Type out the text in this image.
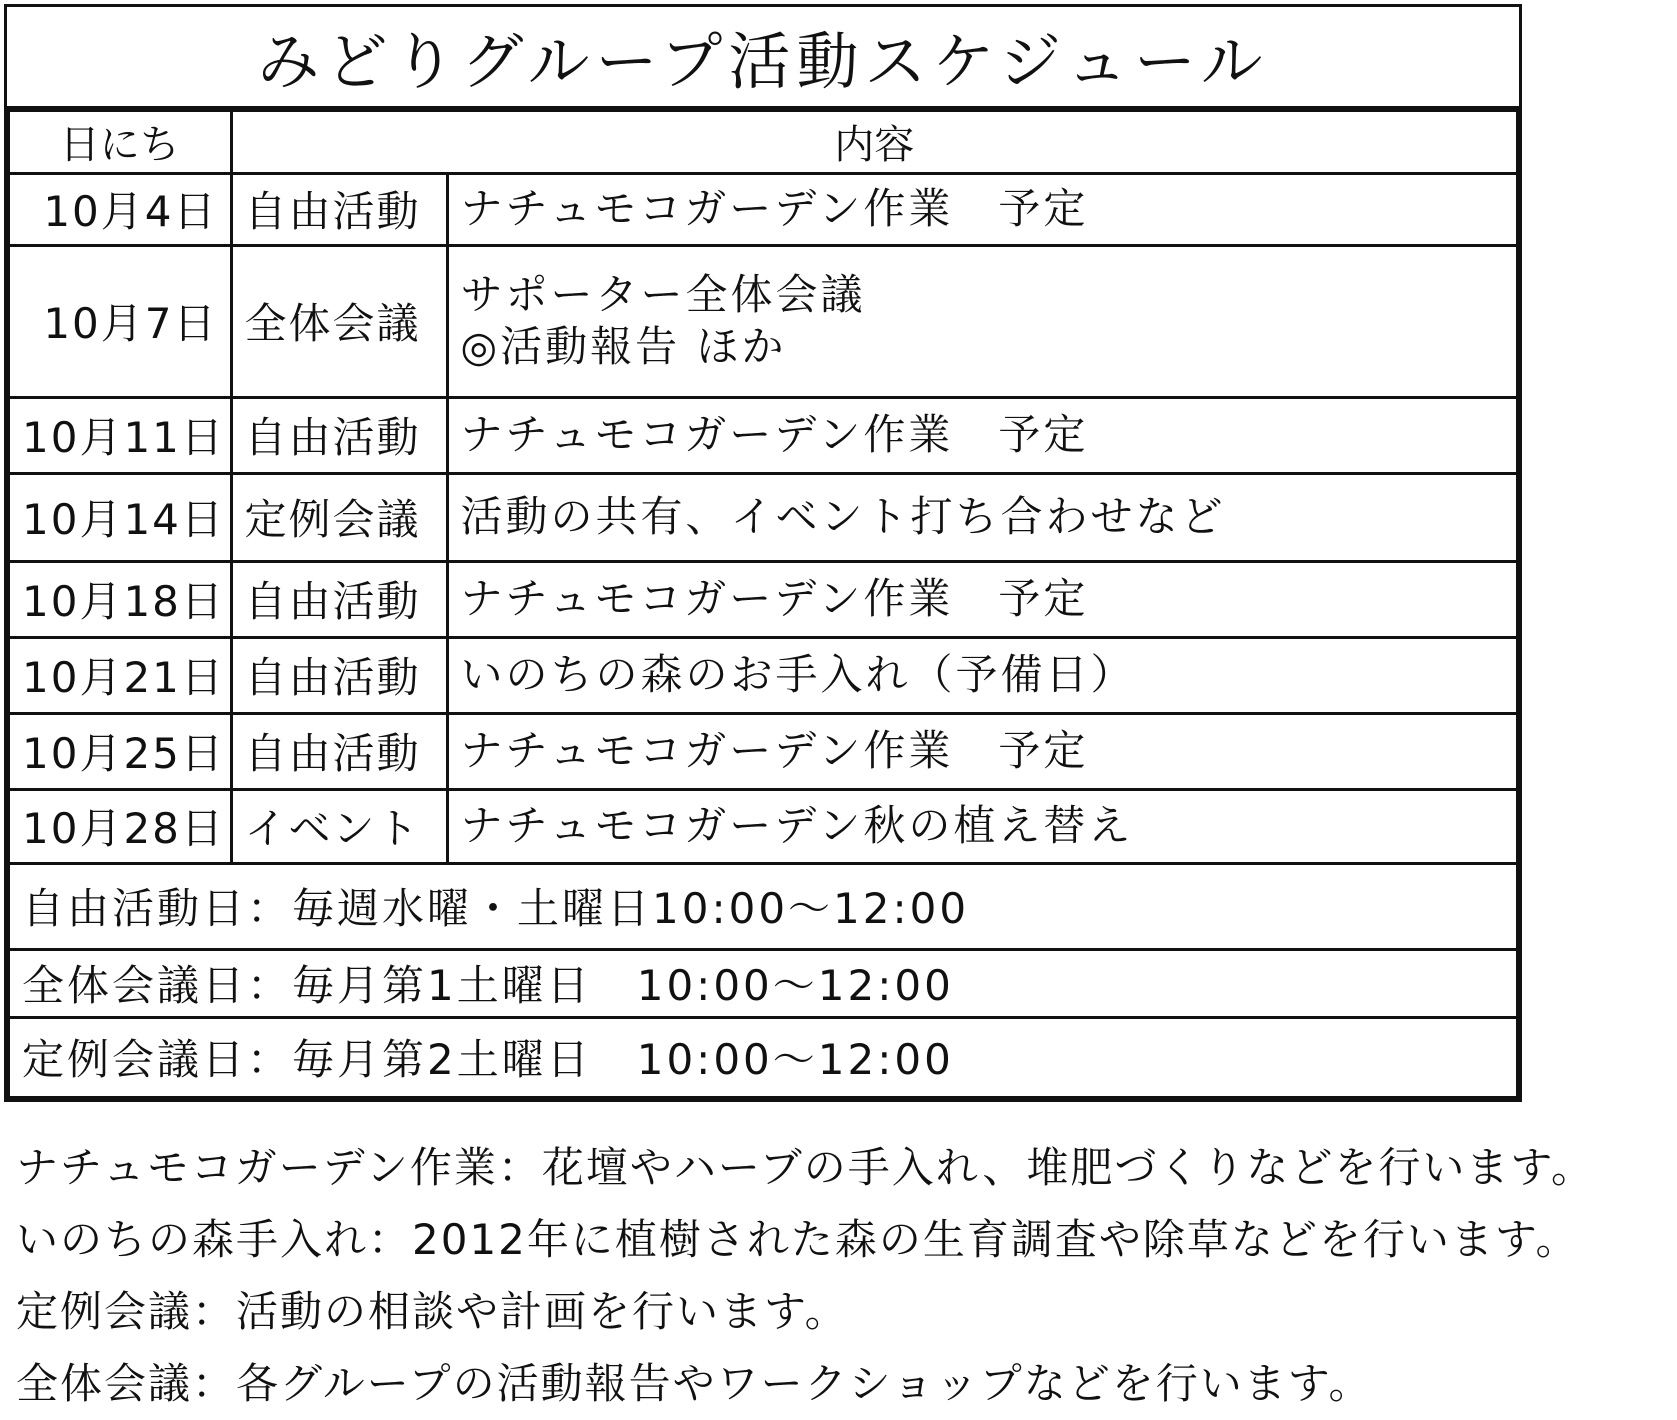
みどりグループ活動スケジュール
日にち	内容	
10月4日	自由活動	ナチュモコガーデン作業　予定

10月7日	全体会議	サポーター全体会議
◎活動報告 ほか

10月11日	自由活動	ナチュモコガーデン作業　予定

10月14日	定例会議	活動の共有、イベント打ち合わせなど

10月18日	自由活動	ナチュモコガーデン作業　予定

10月21日	自由活動	いのちの森のお手入れ（予備日）

10月25日	自由活動	ナチュモコガーデン作業　予定

10月28日	イベント	ナチュモコガーデン秋の植え替え

自由活動日：毎週水曜・土曜日10:00〜12:00		
全体会議日：毎月第1土曜日　10:00〜12:00		
定例会議日：毎月第2土曜日　10:00〜12:00		
ナチュモコガーデン作業：花壇やハーブの手入れ、堆肥づくりなどを行います。
いのちの森手入れ：2012年に植樹された森の生育調査や除草などを行います。
定例会議：活動の相談や計画を行います。
全体会議：各グループの活動報告やワークショップなどを行います。
